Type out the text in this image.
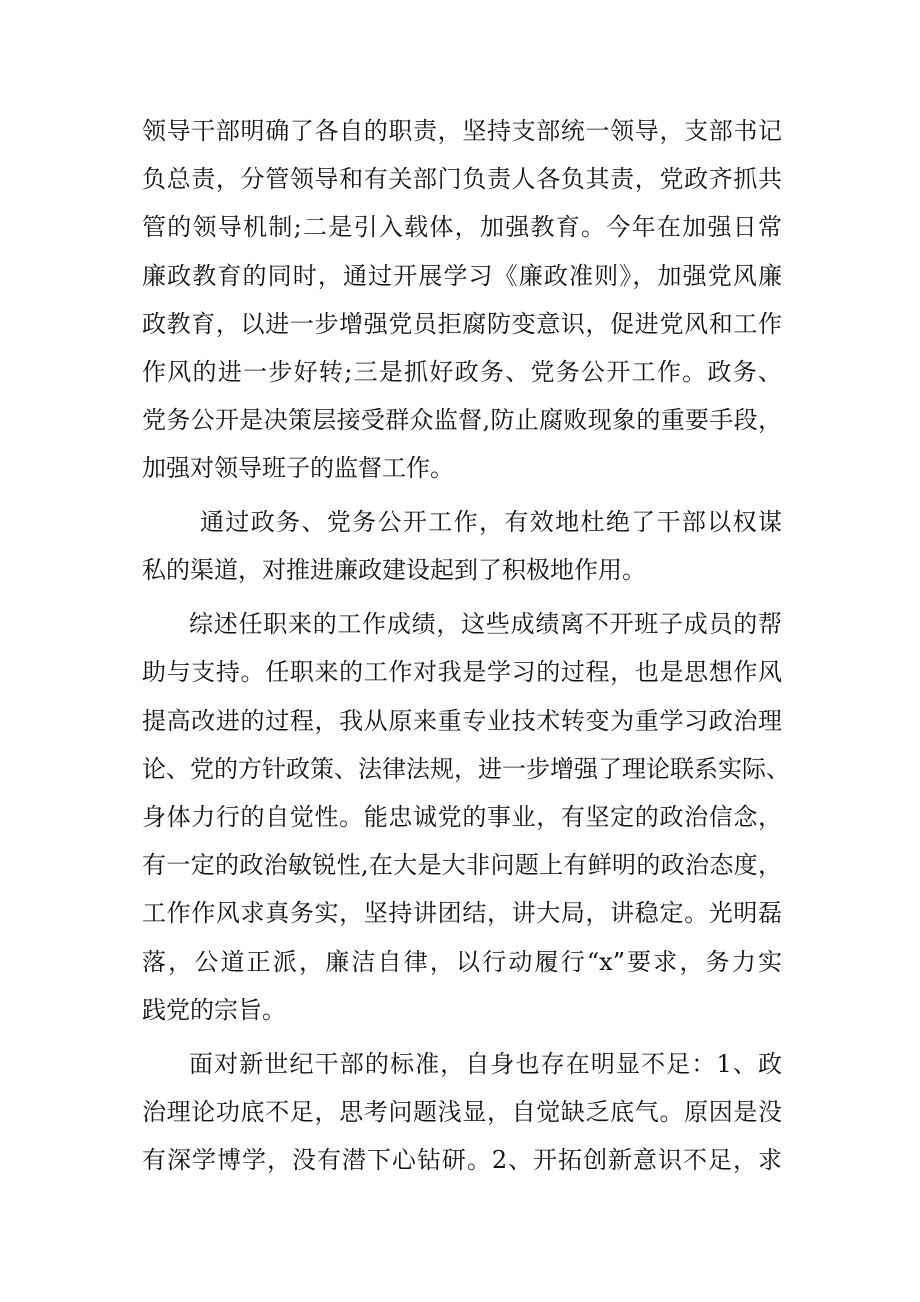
领导干部明确了各自的职责，坚持支部统一领导，支部书记
负总责，分管领导和有关部门负责人各负其责，党政齐抓共
管的领导机制;二是引入载体，加强教育。今年在加强日常
廉政教育的同时，通过开展学习《廉政准则》，加强党风廉
政教育，以进一步增强党员拒腐防变意识，促进党风和工作
作风的进一步好转;三是抓好政务、党务公开工作。政务、
党务公开是决策层接受群众监督,防止腐败现象的重要手段，
加强对领导班子的监督工作。

通过政务、党务公开工作，有效地杜绝了干部以权谋
私的渠道，对推进廉政建设起到了积极地作用。

综述任职来的工作成绩，这些成绩离不开班子成员的帮
助与支持。任职来的工作对我是学习的过程，也是思想作风
提高改进的过程，我从原来重专业技术转变为重学习政治理
论、党的方针政策、法律法规，进一步增强了理论联系实际、
身体力行的自觉性。能忠诚党的事业，有坚定的政治信念，
有一定的政治敏锐性,在大是大非问题上有鲜明的政治态度，
工作作风求真务实，坚持讲团结，讲大局，讲稳定。光明磊
落，公道正派，廉洁自律，以行动履行“x”要求，务力实
践党的宗旨。

面对新世纪干部的标准，自身也存在明显不足：1、政
治理论功底不足，思考问题浅显，自觉缺乏底气。原因是没
有深学博学，没有潜下心钻研。2、开拓创新意识不足，求
